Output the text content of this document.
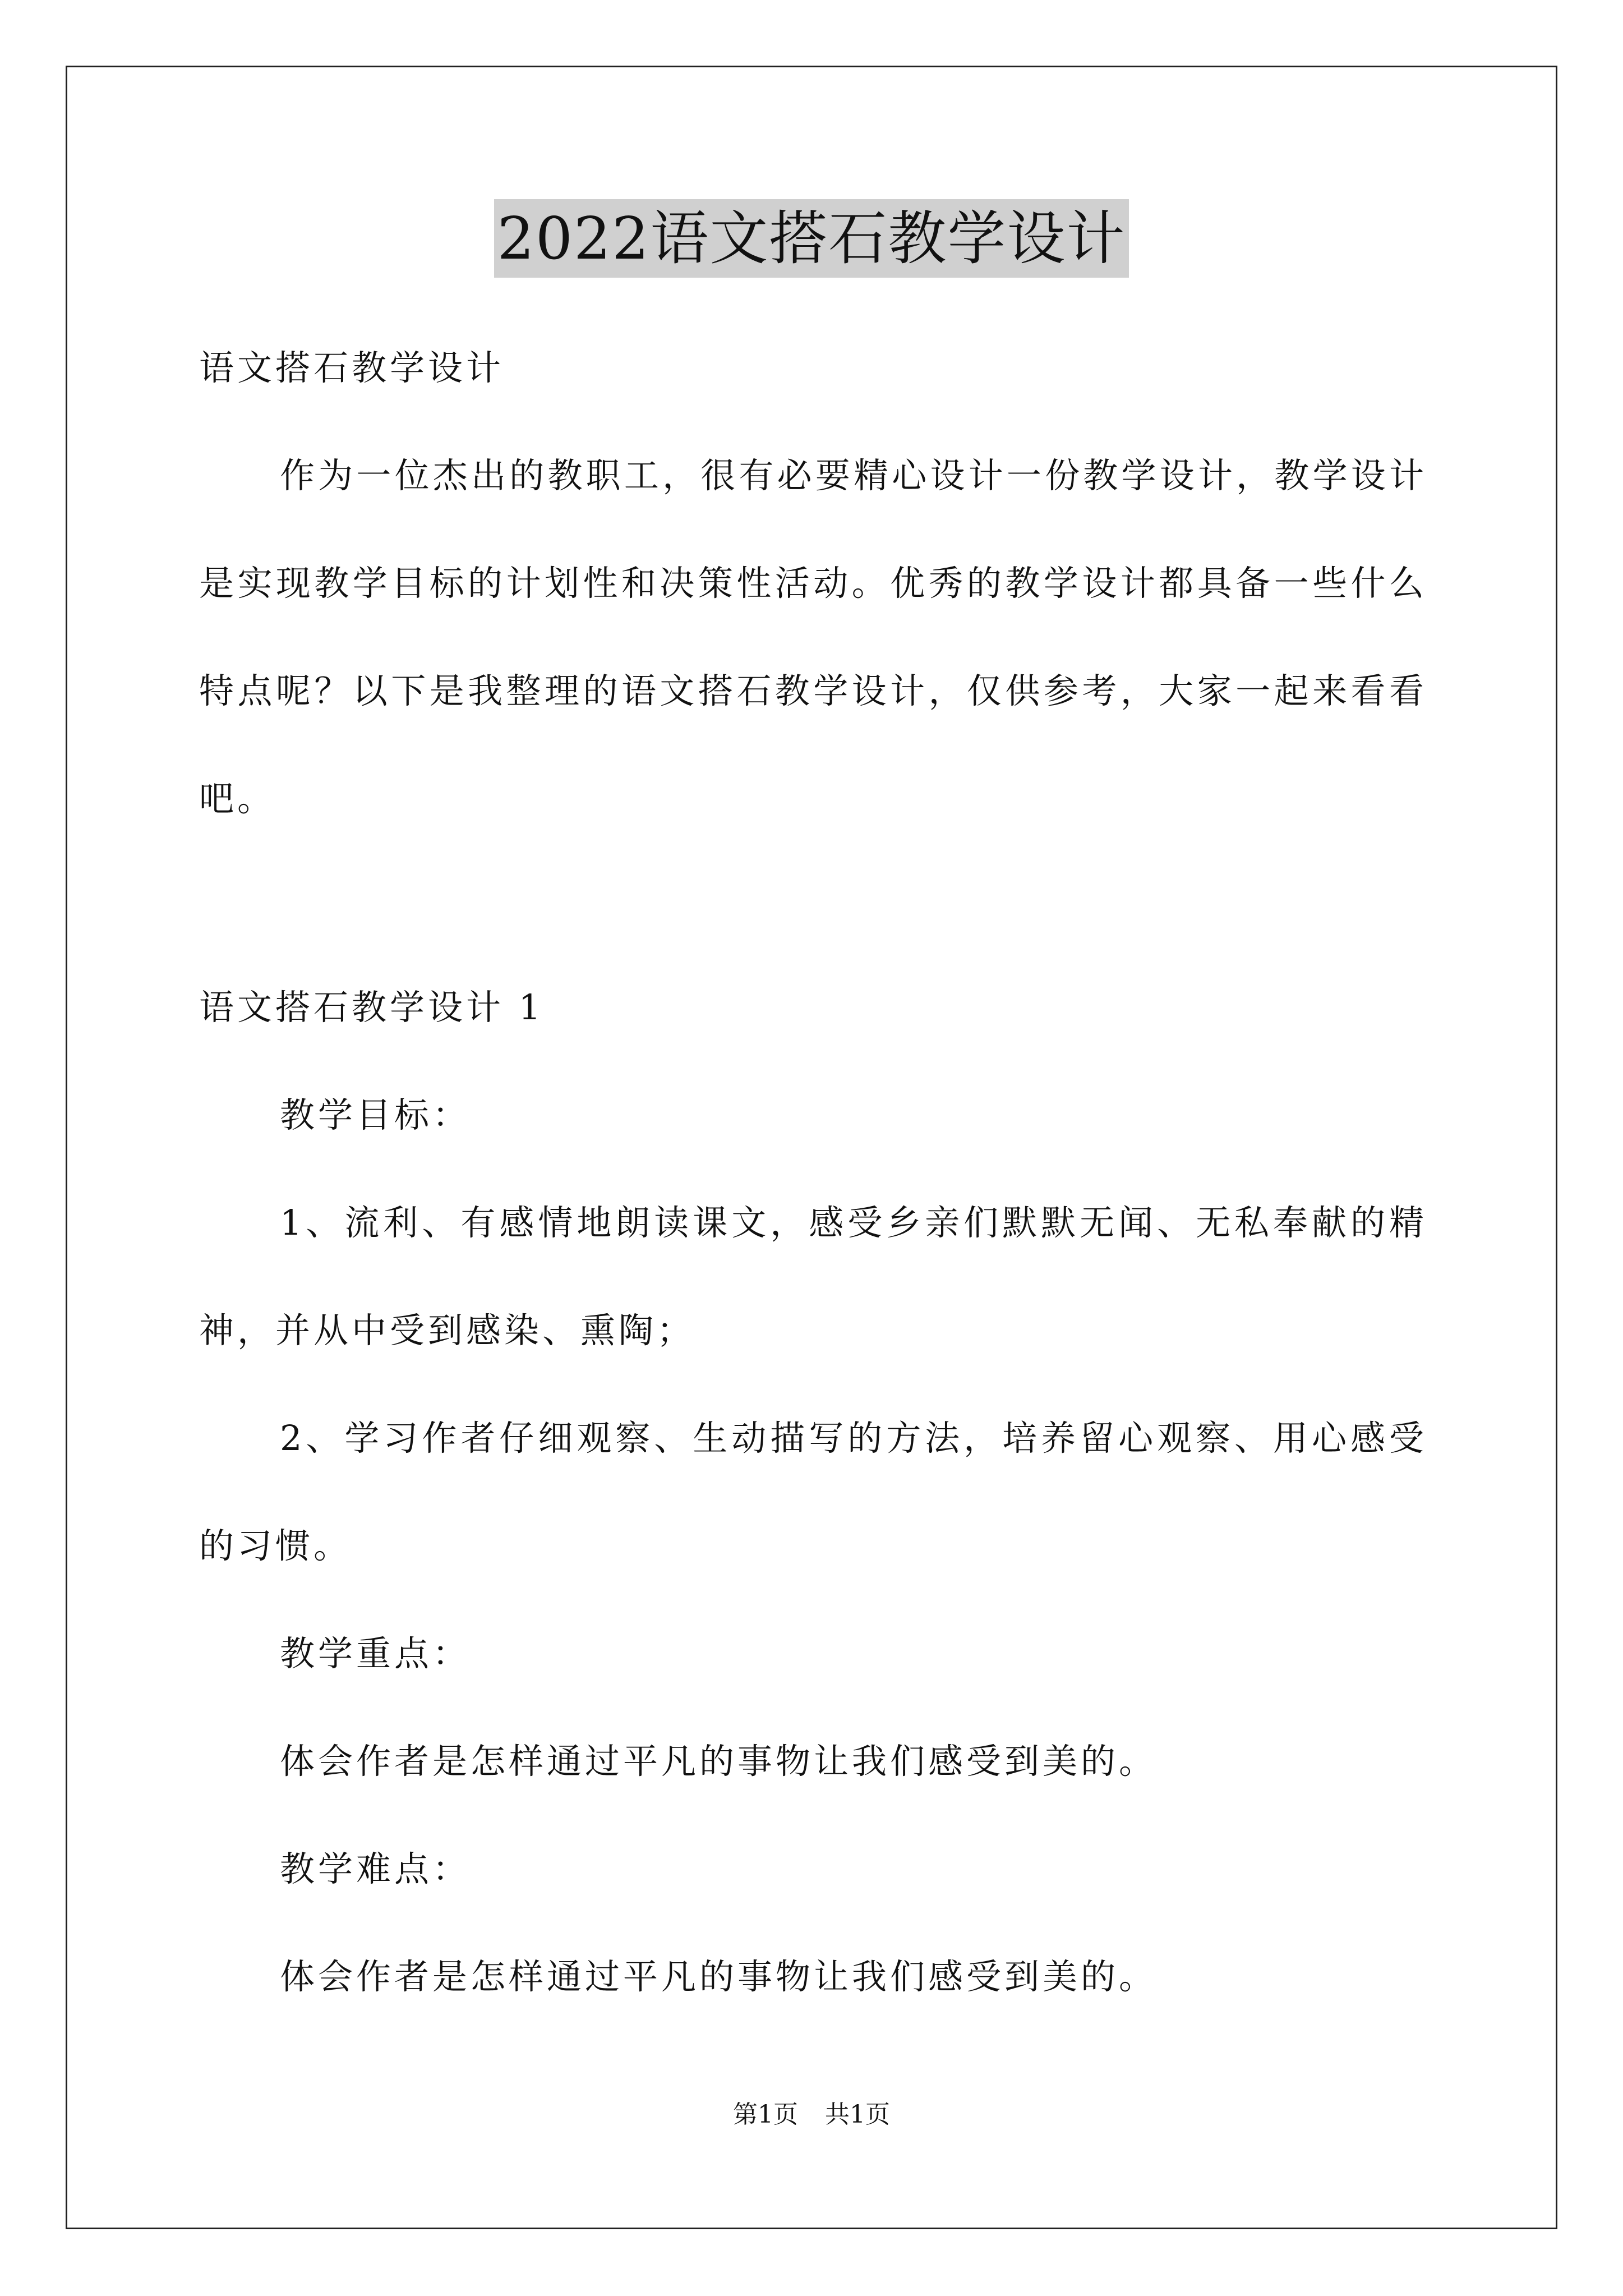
2022语文搭石教学设计

语文搭石教学设计

作为一位杰出的教职工，很有必要精心设计一份教学设计，教学设计是实现教学目标的计划性和决策性活动。优秀的教学设计都具备一些什么特点呢？以下是我整理的语文搭石教学设计，仅供参考，大家一起来看看吧。

语文搭石教学设计 1

教学目标：

1、流利、有感情地朗读课文，感受乡亲们默默无闻、无私奉献的精神，并从中受到感染、熏陶；

2、学习作者仔细观察、生动描写的方法，培养留心观察、用心感受的习惯。

教学重点：

体会作者是怎样通过平凡的事物让我们感受到美的。

教学难点：

体会作者是怎样通过平凡的事物让我们感受到美的。

第1页 共1页
